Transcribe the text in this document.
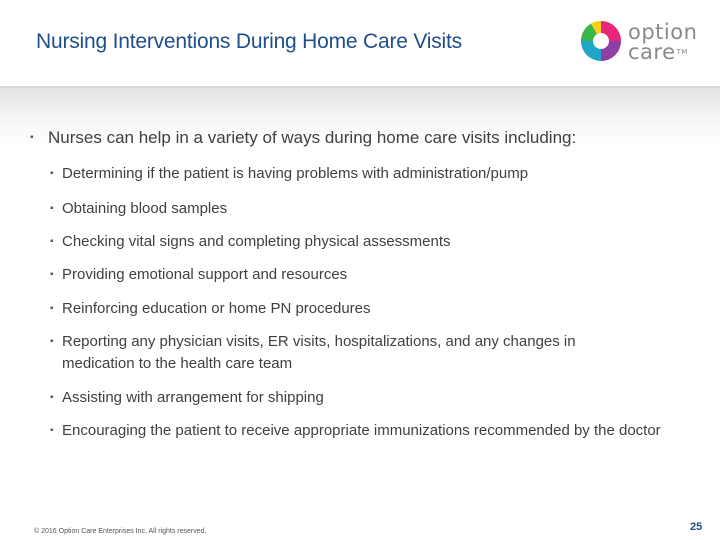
Nursing Interventions During Home Care Visits	option
care™
▪ Nurses can help in a variety of ways during home care visits including:
▪ Determining if the patient is having problems with administration/pump
▪ Obtaining blood samples
▪ Checking vital signs and completing physical assessments
▪ Providing emotional support and resources
▪ Reinforcing education or home PN procedures
▪ Reporting any physician visits, ER visits, hospitalizations, and any changes in medication to the health care team
▪ Assisting with arrangement for shipping
▪ Encouraging the patient to receive appropriate immunizations recommended by the doctor
© 2016 Option Care Enterprises Inc. All rights reserved.	25
